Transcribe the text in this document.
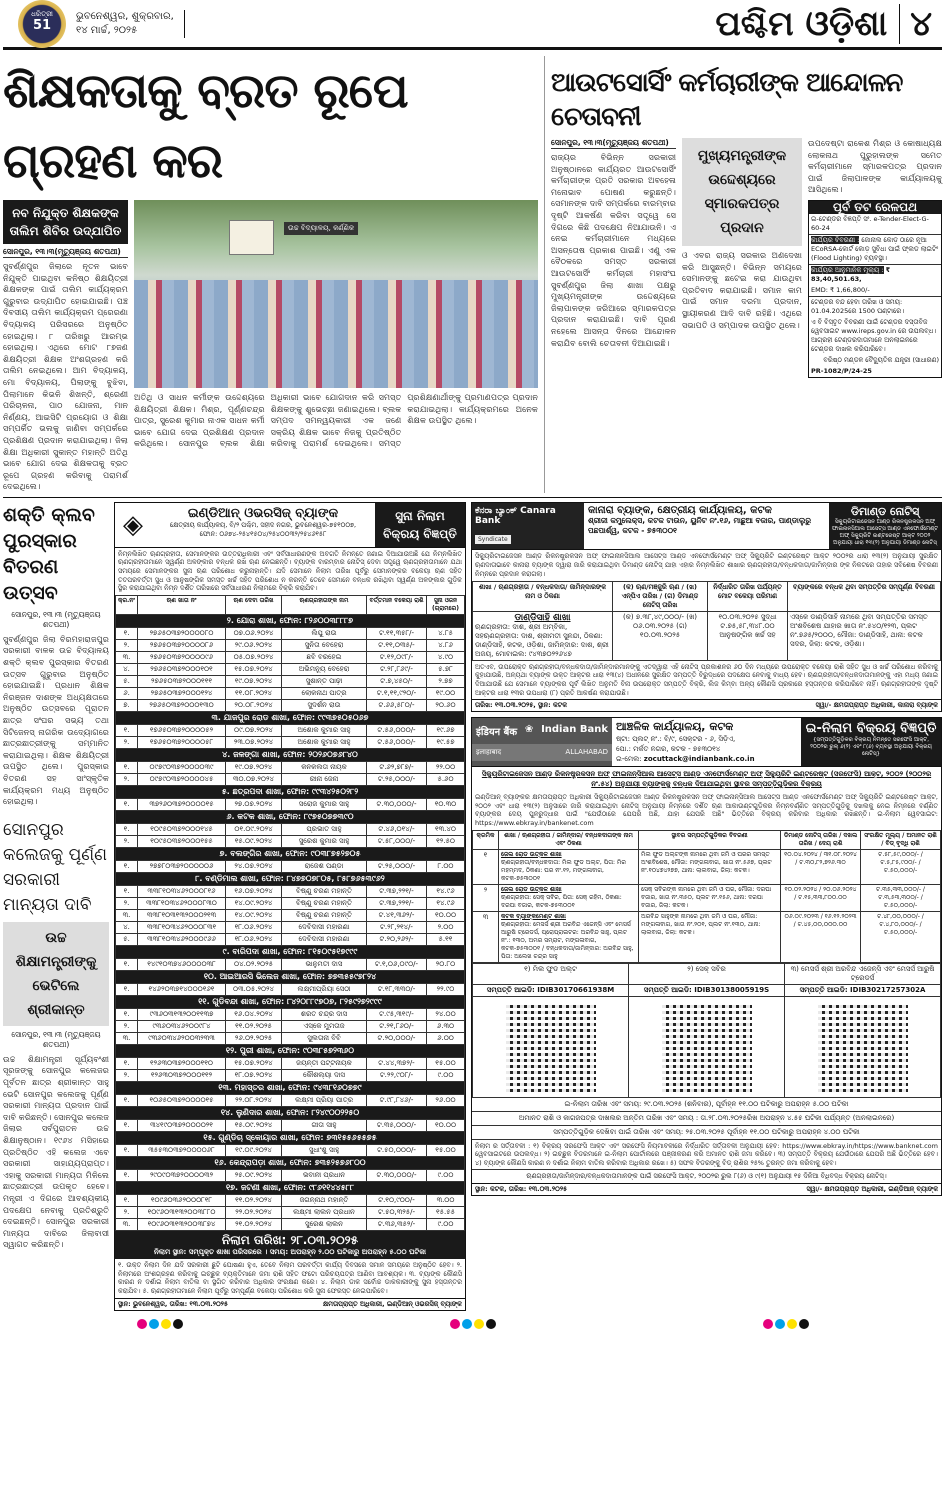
ଧରିତ୍ରୀ
51
ଭୁବନେଶ୍ୱର, ଶୁକ୍ରବାର,
୧୪ ମାର୍ଚ୍ଚ, ୨୦୨୫	ପଶ୍ଚିମ ଓଡ଼ିଶା ୪
ଶିକ୍ଷକତାକୁ ବ୍ରତ ରୂପେ ଗ୍ରହଣ କର
ନବ ନିଯୁକ୍ତ ଶିକ୍ଷକଙ୍କ ତାଲିମ ଶିବିର ଉଦ୍‌ଯାପିତ
ସୋନପୁର, ୧୩।୩(ମୃତ୍ୟୁଞ୍ଜୟ ଶତପଥୀ)
ସୁବର୍ଣ୍ଣପୁର ଜିଲାରେ ନୂତନ ଭାବେ ନିଯୁକ୍ତି ପାଇଥିବା କନିଷ୍ଠ ଶିକ୍ଷୟିତ୍ରୀ ଶିକ୍ଷକଙ୍କ ପାଇଁ ତାଲିମ କାର୍ଯ୍ୟକ୍ରମ ଗୁରୁବାର ଉଦ୍‌ଯାପିତ ହୋଇଯାଇଛି। ପଞ୍ଚ ଦିବସୀୟ ତାଲିମ କାର୍ଯ୍ୟକ୍ରମ ପ୍ରେରଣା ବିଦ୍ୟାଳୟ ପରିସରରେ ଅନୁଷ୍ଠିତ ହୋଇଥିଲା। ୮ ତାରିଖରୁ ଆରମ୍ଭ ହୋଇଥିଲା। ଏଥିରେ ମୋଟ ୮୭ଜଣ ଶିକ୍ଷୟିତ୍ରୀ ଶିକ୍ଷକ ଅଂଶଗ୍ରହଣ କରି ତାଲିମ ନେଇଥିଲେ। ଆମ ବିଦ୍ୟାଳୟ, ମୋ ବିଦ୍ୟାଳୟ, ପିଲାଙ୍କୁ ବୁଝିବା, ପିଲାମାନେ କିଭଳି ଶିଖନ୍ତି, ଶ୍ରେଣୀ ପରିଚାଳନା, ପାଠ ଯୋଜନା, ମାନ ନିର୍ଣ୍ଣୟ, ଆଇସିଟି ପ୍ରୟୋଗ ଓ ଶିକ୍ଷା ସମ୍ପର୍କିତ ଭଲକୁ ଜାଣିବା ସମ୍ପର୍କରେ ପ୍ରଶିକ୍ଷଣ ପ୍ରଦାନ କରାଯାଇଥିଲା। ଜିଲା ଶିକ୍ଷା ଅଧିକାରୀ ସୁକାନ୍ତ ମହାନ୍ତି ଅତିଥି ଭାବେ ଯୋଗ ଦେଇ ଶିକ୍ଷକତାକୁ ବ୍ରତ ରୂପେ ଗ୍ରହଣ କରିବାକୁ ପରାମର୍ଶ ଦେଇଥିଲେ।
ଉଚ୍ଚ ବିଦ୍ୟାଳୟ, କର୍ଣ୍ଣିକ
ଅତିଥି ଓ ସାଧନ କର୍ମୀଙ୍କ ଉଦ୍ଦେଶ୍ୟରେ ଶିକ୍ଷୟିତ୍ରୀ ଶିକ୍ଷକ। ମିଶ୍ର, ପୂର୍ଣ୍ଣଚନ୍ଦ୍ର ପାତ୍ର, ସୁରେଶ କୁମାର ନାଏକ ସାଧନ କର୍ମୀ ଭାବେ ଯୋଗ ଦେଇ ପ୍ରଶିକ୍ଷଣ ପ୍ରଦାନ କରିଥିଲେ। ସୋନପୁର ବ୍ଲକ ଶିକ୍ଷା ଅଧିକାରୀ ଭାବେ ଯୋଗଦାନ କରି ସମସ୍ତ ଶିକ୍ଷକଙ୍କୁ ଶୁଭେଚ୍ଛା ଜଣାଇଥିଲେ। ବ୍ଲକ ସମ୍ପଦ ସମନ୍ୱୟକାରୀ ଏକ ଜଣେ ସକ୍ରିୟ ଶିକ୍ଷକ ଭାବେ ନିଜକୁ ପ୍ରତିଷ୍ଠିତ କରିବାକୁ ପରାମର୍ଶ ଦେଇଥିଲେ। ସମସ୍ତ ପ୍ରଶିକ୍ଷଣାର୍ଥୀଙ୍କୁ ପ୍ରମାଣପତ୍ର ପ୍ରଦାନ କରାଯାଇଥିଲା। କାର୍ଯ୍ୟକ୍ରମରେ ଅନେକ ଶିକ୍ଷକ ଉପସ୍ଥିତ ଥିଲେ।
ଆଉଟସୋର୍ସିଂ କର୍ମଚାରୀଙ୍କ ଆନ୍ଦୋଳନ ଚେତାବନୀ
ସୋନପୁର, ୧୩।୩(ମୃତ୍ୟୁଞ୍ଜୟ ଶତପଥୀ)
ରାଜ୍ୟର ବିଭିନ୍ନ ସରକାରୀ ଅନୁଷ୍ଠାନରେ କାର୍ଯ୍ୟରତ ଆଉଟସୋର୍ସିଂ କର୍ମଚାରୀଙ୍କ ପ୍ରତି ସରକାର ଅବହେଳା ମନୋଭାବ ପୋଷଣ କରୁଛନ୍ତି। ସେମାନଙ୍କ ଦାବି ସମ୍ପର୍କରେ ବାରମ୍ବାର ଦୃଷ୍ଟି ଆକର୍ଷଣ କରିବା ସତ୍ତ୍ୱେ ସେ ଦିଗରେ କିଛି ପଦକ୍ଷେପ ନିଆଯାଉନି। ଏ ନେଇ କର୍ମଚାରୀମାନେ ମଧ୍ୟରେ ଅସନ୍ତୋଷ ପ୍ରକାଶ ପାଇଛି। ଏଣୁ ଏକ ବୈଠକରେ ସମସ୍ତ ସରକାରୀ ଆଉଟସୋର୍ସିଂ କର୍ମଚାରୀ ମହାସଂଘ ସୁବର୍ଣ୍ଣପୁର ଜିଲା ଶାଖା ପକ୍ଷରୁ ମୁଖ୍ୟମନ୍ତ୍ରୀଙ୍କ ଉଦ୍ଦେଶ୍ୟରେ ଜିଲାପାଳଙ୍କ ଜରିଆରେ ସ୍ମାରକପତ୍ର ପ୍ରଦାନ କରାଯାଇଛି। ଦାବି ପୂରଣ ନହେଲେ ଆସନ୍ତା ଦିନରେ ଆନ୍ଦୋଳନ କରାଯିବ ବୋଲି ଚେତାବନୀ ଦିଆଯାଇଛି।
ମୁଖ୍ୟମନ୍ତ୍ରୀଙ୍କ ଉଦ୍ଦେଶ୍ୟରେ ସ୍ମାରକପତ୍ର ପ୍ରଦାନ
ଓ ଏବର ରାଜ୍ୟ ସରକାର ଅଣଦେଖା କରି ଆସୁଛନ୍ତି। ବିଭିନ୍ନ ସମୟରେ ସେମାନଙ୍କୁ ଛଟେଇ କରା ଯାଉଥିବା ପ୍ରତିବାଦ କରାଯାଇଛି। ସମାନ କାମ ପାଇଁ ସମାନ ଦରମା ପ୍ରଦାନ, ସ୍ଥାୟୀକରଣ ଆଦି ଦାବି ରହିଛି। ଏଥିରେ ସଭାପତି ଓ ସମ୍ପାଦକ ଉପସ୍ଥିତ ଥିଲେ।
ଉପଦେଷ୍ଟା ରାକେଶ ମିଶ୍ର ଓ କୋଷାଧ୍ୟକ୍ଷ ଲୋକନାଥ ପୁରୁହାଲଙ୍କ ସମେତ କର୍ମଚାରୀମାନେ ସ୍ମାରକପତ୍ର ପ୍ରଦାନ ପାଇଁ ଜିଲାପାଳଙ୍କ କାର୍ଯ୍ୟାଳୟକୁ ଆସିଥିଲେ।
ପୂର୍ବ ତଟ ରେଳପଥ
ଇ-ଟେଣ୍ଡର ବିଜ୍ଞପ୍ତି ସଂ. e-Tender-Elect-G-60-24
କାର୍ଯ୍ୟର ବିବରଣୀ : ଜୋନାଲ କୋଡ଼ ଠାରେ ନୂଆ ECoRSA-କୋର୍ଟ କୋଡ଼ ସୁବିଧା ପାଇଁ ଫ୍ଲଡ ଲାଇଟିଂ (Flood Lighting) ବ୍ୟବସ୍ଥା।
କାର୍ଯ୍ୟର ଆନୁମାନିକ ମୂଲ୍ୟ : ₹ 83,40,501.63,
EMD: ₹ 1,66,800/-
ଟେଣ୍ଡର ବନ୍ଦ ହେବା ତାରିଖ ଓ ସମୟ: 01.04.2025ରେ 1500 ଘଣ୍ଟାରେ।
ଏ ବି ବିସ୍ତୃତ ବିବରଣୀ ପାଇଁ ଟେଣ୍ଡର ଦସ୍ତାବିଜ ୱେବସାଇଟ www.ireps.gov.in ରେ ଉପଲବ୍ଧ। ଆଗ୍ରହୀ ଟେଣ୍ଡରଦାତାମାନେ ଅନଲାଇନରେ ଟେଣ୍ଡର ଦାଖଲ କରିପାରିବେ।
ବରିଷ୍ଠ ମଣ୍ଡଳ ବୈଦ୍ୟୁତିକ ଯନ୍ତ୍ରୀ (ସାଧାରଣ)
PR-1082/P/24-25
ଶକ୍ତି କ୍ଲବ ପୁରସ୍କାର ବିତରଣ ଉତ୍ସବ
ସୋନପୁର, ୧୩।୩ (ମୃତ୍ୟୁଞ୍ଜୟ ଶତପଥୀ)
ସୁବର୍ଣ୍ଣପୁର ଜିଲା ବିରମହାରାଜପୁର ସରକାରୀ ବାଳକ ଉଚ୍ଚ ବିଦ୍ୟାଳୟ ଶକ୍ତି କ୍ଲବ ପୁରସ୍କାର ବିତରଣ ଉତ୍ସବ ଗୁରୁବାର ଅନୁଷ୍ଠିତ ହୋଇଯାଇଛି। ପ୍ରଧାନ ଶିକ୍ଷକ ନିରଞ୍ଜନ ଦାଶଙ୍କ ଅଧ୍ୟକ୍ଷତାରେ ଅନୁଷ୍ଠିତ ଉତ୍ସବରେ ପୂରାତନ ଛାତ୍ର ସଂଘର ସଭ୍ୟ ତଥା ସିଟିଜେନସ୍ ନାଗରିକ ଉଦ୍ୟୋଗରେ ଛାତ୍ରଛାତ୍ରୀଙ୍କୁ ସମ୍ମାନିତ କରାଯାଇଥିଲା। ଶିକ୍ଷକ ଶିକ୍ଷୟିତ୍ରୀ ଉପସ୍ଥିତ ଥିଲେ। ପୁରସ୍କାର ବିତରଣ ସହ ସାଂସ୍କୃତିକ କାର୍ଯ୍ୟକ୍ରମ ମଧ୍ୟ ଅନୁଷ୍ଠିତ ହୋଇଥିଲା।
ସୋନପୁର କଲେଜକୁ ପୂର୍ଣ୍ଣ ସରକାରୀ ମାନ୍ୟତା ଦାବି
ଉଚ୍ଚ ଶିକ୍ଷାମନ୍ତ୍ରୀଙ୍କୁ ଭେଟିଲେ ଶ୍ରୀକାନ୍ତ
ସୋନପୁର, ୧୩।୩ (ମୃତ୍ୟୁଞ୍ଜୟ ଶତପଥୀ)
ଉଚ୍ଚ ଶିକ୍ଷାମନ୍ତ୍ରୀ ସୂର୍ଯ୍ୟବଂଶୀ ସୂରଜଙ୍କୁ ସୋନପୁର କଲେଜର ପୂର୍ବତନ ଛାତ୍ର ଶ୍ରୀକାନ୍ତ ସାହୁ ଭେଟି ସୋନପୁର କଲେଜକୁ ପୂର୍ଣ୍ଣ ସରକାରୀ ମାନ୍ୟତା ପ୍ରଦାନ ପାଇଁ ଦାବି କରିଛନ୍ତି। ସୋନପୁର କଲେଜ ଜିଲାର ସର୍ବପୁରାତନ ଉଚ୍ଚ ଶିକ୍ଷାନୁଷ୍ଠାନ। ୧୯୬୪ ମସିହାରେ ପ୍ରତିଷ୍ଠିତ ଏହି କଲେଜ ଏବେ ସରକାରୀ ସାହାଯ୍ୟପ୍ରାପ୍ତ। ଏହାକୁ ସରକାରୀ ମାନ୍ୟତା ମିଳିଲେ ଛାତ୍ରଛାତ୍ରୀ ଉପକୃତ ହେବେ। ମନ୍ତ୍ରୀ ଏ ଦିଗରେ ଆବଶ୍ୟକୀୟ ପଦକ୍ଷେପ ନେବାକୁ ପ୍ରତିଶ୍ରୁତି ଦେଇଛନ୍ତି। ସୋନପୁର ସରକାରୀ ମାନ୍ୟତା ଦାବିରେ ଜିଲାବାସୀ ସ୍ୱାଗତ କରିଛନ୍ତି।
◈	ଇଣ୍ଡିଆନ୍ ଓଭରସିଜ୍ ବ୍ୟାଙ୍କ
କ୍ଷେତ୍ରୀୟ କାର୍ଯ୍ୟାଳୟ, ବି/୨ ପଶ୍ଚିମ, ସହୀଦ ନଗର, ଭୁବନେଶ୍ୱର-୭୫୧୦୦୭,
ଫୋନ: ୦୬୭୪-୨୫୪୧୫୦୪/୨୫୪୦୦୩୨/୨୫୪୬୧୫୮
ସୁନା ନିଲାମ ବିକ୍ରୟ ବିଜ୍ଞପ୍ତି
ନିମ୍ନଲିଖିତ ଋଣଗ୍ରହୀତା, ସେମାନଙ୍କର ଉତ୍ତରାଧିକାରୀ ଏବଂ ସର୍ବସାଧାରଣଙ୍କ ଅବଗତି ନିମନ୍ତେ ଜଣାଇ ଦିଆଯାଉଅଛି ଯେ ନିମ୍ନଲିଖିତ ଋଣଗ୍ରହୀତାମାନେ ସ୍ୱର୍ଣ୍ଣ ଅଳଙ୍କାର ବନ୍ଧକ ରଖି ଋଣ ନେଇଛନ୍ତି। ବ୍ୟାଙ୍କ ବାରମ୍ବାର ନୋଟିସ୍ ଦେବା ସତ୍ତ୍ୱେ ଋଣଗ୍ରହୀତାମାନେ ଯଥା ସମୟରେ ସେମାନଙ୍କର ସୁନା ଋଣ ପରିଶୋଧ କରୁନାହାନ୍ତି। ଯଦି ସେମାନେ ନିଲାମ ତାରିଖ ପୂର୍ବରୁ ସେମାନଙ୍କର ବକେୟା ଋଣ ସହିତ ତତପରବର୍ତ୍ତୀ ସୁଧ ଓ ଆନୁଷଙ୍ଗିକ ସମସ୍ତ ଖର୍ଚ୍ଚ ସହିତ ପରିଶୋଧ ନ କରନ୍ତି ତେବେ ସେମାନେ ବନ୍ଧକ ରଖିଥିବା ସ୍ୱର୍ଣ୍ଣ ଅଳଙ୍କାର ଗୁଡ଼ିକ ସ୍ଥିର କରାଯାଇଥିବା ନିମ୍ନ ଦର୍ଶିତ ତାରିଖରେ ସର୍ବସାଧାରଣ ନିଲାମରେ ବିକ୍ରି କରାଯିବ।
କ୍ର.ନଂ	ଋଣ ଖାତା ନଂ	ଋଣ ଦେବା ତାରିଖ	ଋଣଗ୍ରହୀତାଙ୍କ ନାମ	ବର୍ତ୍ତମାନ ବକେୟା ରାଶି	ସୁନା ଓଜନ (ଗ୍ରାମରେ)
୨. ଯୋରା ଶାଖା, ଫୋନ: ୮୨୬୦୦୩୮୮୮୭					
୧.	୨୭୬୫୦୩୭୨୦୦୦୦୮୦	୦୭.୦୬.୨୦୨୪	ଲିପୁ ରାଉ	ଟ.୧୧,୩୫୮/-	୪.୮୫
୨.	୨୭୬୫୦୩୭୨୦୦୦୦୮୬	୨୯.୦୬.୨୦୨୪	ସୁନିତା ବେହେରା	ଟ.୧୧,୦୩୫/-	୪.୮୬
୩.	୨୭୬୫୦୩୭୨୦୦୦୦୯୬	୦୫.୦୭.୨୦୨୪	ଛବି ବରହେଇ	ଟ.୧୨,୦୯୮/-	୪.୯୦
୪.	୨୭୬୫୦୩୭୨୦୦୦୧୦୧	୧୫.୦୭.୨୦୨୪	ଅଭିମନ୍ୟୁ ବେହେରା	ଟ.୨୮,୮୬୯/-	୫.୭୮
୫.	୨୭୬୫୦୩୭୨୦୦୦୧୧୧	୧୯.୦୭.୨୦୨୪	ସୁଶାନ୍ତ ପାଢ଼ୀ	ଟ.୭,୪୫୦/-	୨.୭୭
୬.	୨୭୬୫୦୩୭୨୦୦୦୧୨୪	୧୧.୦୮.୨୦୨୪	ଲୋକନାଥ ପାତ୍ର	ଟ.୧,୧୧,୯୨୦/-	୧୯.୦୦
୭.	୨୭୬୫୦୩୭୨୦୦୦୧୩୦	୨୦.୦୮.୨୦୨୪	ସୁଦର୍ଶନ ରାଉ	ଟ.୬୬,୫୮୦/-	୨୦.୬୦
୩. ଯାଜପୁର ରୋଡ ଶାଖା, ଫୋନ: ୯୯୩୭୫୦୫୦୬୭					
୧.	୧୭୬୫୦୩୭୨୦୦୦୦୫୨	୦୯.୦୭.୨୦୨୪	ଅଶୋକ କୁମାର ସାହୁ	ଟ.୫୬,୦୦୦/-	୧୯.୬୭
୨.	୧୭୬୫୦୩୭୨୦୦୦୦୫୮	୨୩.୦୭.୨୦୨୪	ଅଶୋକ କୁମାର ସାହୁ	ଟ.୫୬,୦୦୦/-	୧୯.୫୭
୪. ଜଳଙ୍ଗା ଶାଖା, ଫୋନ: ୨୦୨୬୦୭୬୮୪୦					
୧.	୦୯୭୯୦୩୭୨୦୦୦୦୩୯	୧୯.୦୭.୨୦୨୪	କନକଲତା ନାୟକ	ଟ.୬୨,୭୮୭/-	୨୨.୦୦
୨.	୦୯୭୯୦୩୭୨୦୦୦୦୪୫	୩୦.୦୭.୨୦୨୪	ରୀନା ଜେନା	ଟ.୨୫,୦୦୦/-	୫.୬୦
୫. ଛତ୍ରପଦା ଶାଖା, ଫୋନ: ୯୯୩୪୨୫୦୨୮୨					
୧.	୩୭୨୬୦୩୭୨୦୦୦୦୧୫	୨୭.୦୭.୨୦୨୪	ସରୋଜ କୁମାର ସାହୁ	ଟ.୩୦,୦୦୦/-	୧୦.୩୦
୬. କଟକ ଶାଖା, ଫୋନ: ୮୯୭୫୦୭୭୩୯୦					
୧.	୧୦୯୫୦୩୭୨୦୦୦୧୪୫	୦୧.୦୯.୨୦୨୪	ପ୍ରଭାତ ସାହୁ	ଟ.୪୬,୦୧୪/-	୧୩.୪୦
୨.	୧୦୯୫୦୩୭୨୦୦୦୧୫୫	୧୫.୦୯.୨୦୨୪	ସୁରେଶ କୁମାର ସାହୁ	ଟ.୫୮,୦୦୦/-	୧୨.୫୦
୭. ବଲଙ୍ଗିର ଶାଖା, ଫୋନ: ୯୦୩୮୭୫୨୭୦୫					
୧.	୨୭୭୮୦୩୭୨୦୦୦୦୦୬	୨୪.୦୭.୨୦୨୪	ରାଜେଶ ପଣ୍ଡା	ଟ.୨୫,୦୦୦/-	୮.୦୦
୮. ବଣ୍ଡିମାଲ ଶାଖା, ଫୋନ: ୮୪୭୭୦୭୮୦୫, ୮୫୮୭୬୫୩୯୬୨					
୧.	୩୩୮୧୦୩୪୬୨୦୦୦୮୧୬	୧୬.୦୭.୨୦୨୪	ବିଷ୍ଣୁ ଚରଣ ମହାନ୍ତି	ଟ.୩୭,୨୨୧/-	୧୪.୯୬
୨.	୩୩୮୧୦୩୪୬୨୦୦୦୮୩୦	୧୪.୦୯.୨୦୨୪	ବିଷ୍ଣୁ ଚରଣ ମହାନ୍ତି	ଟ.୩୭,୨୨୧/-	୧୪.୯୬
୩.	୩୩୮୧୦୩୧୩୨୦୦୦୨୧୩	୧୪.୦୯.୨୦୨୪	ବିଷ୍ଣୁ ଚରଣ ମହାନ୍ତି	ଟ.୪୧,୩୬୨/-	୧୦.୦୦
୪.	୩୩୮୧୦୩୪୬୨୦୦୦୮୩୧	୧୮.୦୬.୨୦୨୪	ଦେବିଦାସୀ ମହାରଣା	ଟ.୨୮,୨୧୪/-	୨.୦୦
୫.	୩୩୮୧୦୩୪୬୨୦୦୦୯୬୬	୧୮.୦୬.୨୦୨୪	ଦେବିଦାସୀ ମହାରଣା	ଟ.୨୦,୨୬୨/-	୫.୧୧
୯. ବାରିପଦା ଶାଖା, ଫୋନ: ୮୧୫୦୯୫୧୭୯୯୯					
୧.	୧୪୯୧୦୩୭୪୬୦୦୦୦୩୮	୦୪.୦୨.୨୦୨୫	ଭାନୁମତୀ ଦାସ	ଟ.୧,୦୬,୦୯୦/-	୨୦.୮୦
୧୦. ଆଇଆରସି ଭିଲେଜ ଶାଖା, ଫୋନ: ୭୭୩୫୫୯୭୮୨୪					
୧.	୧୪୬୨୦୩୭୧୪୦୦୦୧୬୧	୦୩.୦୫.୨୦୨୪	ଲକ୍ଷ୍ମୀପ୍ରିୟା ସେଠୀ	ଟ.୧୮,୩୩୦/-	୨୨.୯୦
୧୧. ଗୁଡିବନ୍ଦା ଶାଖା, ଫୋନ: ୮୪୨୦୮୮୯୭୦୭, ୮୨୫୯୨୭୨୯୯୯					
୧.	୯୩୬୦୩୧୩୨୦୦୧୧୩୭	୧୬.୦୪.୨୦୨୪	ଶରତ ଚନ୍ଦ୍ର ଦାସ	ଟ.୯୫,୩୧୯/-	୨୪.୦୦
୨.	୯୩୬୦୩୪୬୨୦୦୯୮୪	୧୧.୦୨.୨୦୨୫	ଏସ୍‌କେ ମୁମତାଜ	ଟ.୨୧,୮୬୦/-	୬.୩୦
୩.	୯୩୬୦୩୪୬୨୦୦୩୨୩୩	୨୬.୦୨.୨୦୨୫	ସୁଲତାନା ବିବି	ଟ.୨୦,୦୦୦/-	୬.୦୦
୧୨. ପୁରୀ ଶାଖା, ଫୋନ: ୯୦୩୮୫୭୨୩୬୦					
୧.	୧୨୬୩୦୩୭୨୦୦୦୧୧୦	୧୫.୦୭.୨୦୨୪	ଜୟନ୍ତୀ ପଟ୍ଟନାୟକ	ଟ.୪୪,୩୭୨/-	୧୫.୦୦
୨.	୧୨୬୩୦୩୭୨୦୦୦୧୧୨	୧୮.୦୭.୨୦୨୪	କୌଶଲ୍ୟା ଦାସ	ଟ.୨୨,୯୦୮/-	୯.୦୦
୧୩. ମହାସ୍ତର ଶାଖା, ଫୋନ: ୯୪୩୮୧୬୦୭୭୯					
୧.	୧୦୬୫୦୩୭୨୦୦୦୦୧୫	୨୨.୦୮.୨୦୨୪	ଲକ୍ଷ୍ମୀ ପ୍ରିୟା ପାତ୍ର	ଟ.୯୮,୮୪୬/-	୨୬.୦୦
୧୪. ଲୁଣିଦାର ଶାଖା, ଫୋନ: ୮୨୪୯୦୦୨୨୫୦					
୧.	୩୪୧୯୦୩୭୨୦୦୦୦୨୧	୧୫.୦୯.୨୦୨୪	ଗୀତା ସାହୁ	ଟ.୩୫,୦୦୦/-	୧୦.୦୦
୧୫. ଗୁଣ୍ଡିଚା ସ୍କୋୟାର ଶାଖା, ଫୋନ: ୭୩୧୫୫୬୫୫୭୫					
୧.	୩୫୫୩୦୩୭୨୦୦୦୦୬୮	୧୯.୦୯.୨୦୨୪	ସୁଧାଂଶୁ ସାହୁ	ଟ.୫୦,୦୦୦/-	୧୫.୦୦
୧୬. କେନ୍ଦ୍ରାପଡ଼ା ଶାଖା, ଫୋନ: ୭୩୫୨୫୭୬୮୦୦					
୧.	୨୯୦୯୦୩୭୨୦୦୦୦୩୨	୨୫.୦୯.୨୦୨୪	ଭବାନୀ ପ୍ରଧାନ	ଟ.୩୦,୦୦୦/-	୯.୦୦
୧୭. ଜଟଣୀ ଶାଖା, ଫୋନ: ୯୮୬୧୧୪୪୫୮୮					
୧.	୧୦୯୬୦୩୬୨୦୦୦୮୧୮	୧୧.୦୨.୨୦୨୪	ଜଗନ୍ନାଥ ମହାନ୍ତି	ଟ.୧୦,୯୦୦/-	୩.୦୦
୨.	୧୦୯୬୦୩୧୩୨୦୦୩୮୮୦	୨୨.୦୨.୨୦୨୪	ଲକ୍ଷ୍ମୀ ଲାଲନ ପ୍ରଧାନ	ଟ.୫୦,୩୨୫/-	୧୫.୫୫
୩.	୧୦୯୬୦୩୧୩୨୦୦୩୮୭୪	୨୧.୦୨.୨୦୨୪	ସୁରେଶ ଲାଲନ	ଟ.୩୬,୩୫୨/-	୯.୦୦
ନିଲାମ ତାରିଖ: ୨୮.୦୩.୨୦୨୫
ନିଲାମ ସ୍ଥାନ: ସମ୍ପୃକ୍ତ ଶାଖା ପରିସରରେ । ସମୟ: ଅପରାହ୍ନ ୨.୦୦ ଘଟିକାରୁ ଅପରାହ୍ନ ୫.୦୦ ଘଟିକା
୧. ଉକ୍ତ ନିଲାମ ଦିନ ଯଦି ସରକାରୀ ଛୁଟି ଘୋଷଣା ହୁଏ, ତେବେ ନିଲାମ ପରବର୍ତ୍ତୀ କାର୍ଯ୍ୟ ଦିବସରେ ସମାନ ସମୟରେ ଅନୁଷ୍ଠିତ ହେବ। ୨. ନିଲାମରେ ଅଂଶଗ୍ରହଣ କରିବାକୁ ଇଚ୍ଛୁକ ବ୍ୟକ୍ତିମାନେ ଜମା ରାଶି ସହିତ ଫଟୋ ପରିଚୟପତ୍ର ଆଣିବା ଆବଶ୍ୟକ। ୩. ବ୍ୟାଙ୍କ କୌଣସି କାରଣ ନ ଦର୍ଶାଇ ନିଲାମ ବାତିଲ ବା ସ୍ଥଗିତ କରିବାର ଅଧିକାର ସଂରକ୍ଷଣ କରେ। ୪. ନିଲାମ ଡାକ ସର୍ବୋଚ୍ଚ ଡାକକାରୀଙ୍କୁ ସୁନା ହସ୍ତାନ୍ତର କରାଯିବ। ୫. ଋଣଗ୍ରହୀତାମାନେ ନିଲାମ ପୂର୍ବରୁ ସମ୍ପୂର୍ଣ୍ଣ ବକେୟା ପରିଶୋଧ କରି ସୁନା ଫେରସ୍ତ ନେଇପାରିବେ।
ସ୍ଥାନ: ଭୁବନେଶ୍ୱର, ତାରିଖ: ୧୩.୦୩.୨୦୨୫	କ୍ଷମତାପ୍ରାପ୍ତ ଅଧିକାରୀ, ଇଣ୍ଡିଆନ୍ ଓଭରସିଜ୍ ବ୍ୟାଙ୍କ
ಕೆನರಾ ಬ್ಯಾಂಕ್ Canara Bank
Syndicate
କାନାରା ବ୍ୟାଙ୍କ, କ୍ଷେତ୍ରୀୟ କାର୍ଯ୍ୟାଳୟ, କଟକ
ଶ୍ରୀଜୀ କମ୍ପ୍ଲେକ୍ସ, କଟକ ଟାଉନ, ୟୁନିଟ ନଂ.୧୬, ମାଛୁଆ ବଜାର, ପାଣ୍ଡାଲୁରୁ ପଛପାର୍ଶ୍ୱ, କଟକ - ୭୫୩୦୦୧
ଡିମାଣ୍ଡ ନୋଟିସ୍
ସିକ୍ୟୁରିଟାଇଜେସନ ଆଣ୍ଡ ରିକନଷ୍ଟ୍ରକସନ ଅଫ୍ ଫାଇନାନସିଆଲ ଆସେଟ୍ସ ଆଣ୍ଡ ଏନଫୋର୍ସମେଣ୍ଟ ଅଫ୍ ସିକ୍ୟୁରିଟି ଇଣ୍ଟରେଷ୍ଟ ଆକ୍ଟ ୨୦୦୨ ଅନୁଯାୟୀ ଧାରା ୧୩(୨) ଅନୁଯାୟୀ ଡିମାଣ୍ଡ ନୋଟିସ୍
ସିକ୍ୟୁରିଟାଇଜେସନ ଆଣ୍ଡ ରିକନଷ୍ଟ୍ରକସନ ଅଫ୍ ଫାଇନାନସିଆଲ ଆସେଟ୍ସ ଆଣ୍ଡ ଏନଫୋର୍ସମେଣ୍ଟ ଅଫ୍ ସିକ୍ୟୁରିଟି ଇଣ୍ଟରେଷ୍ଟ ଆକ୍ଟ ୨୦୦୨ର ଧାରା ୧୩(୨) ଅନୁଯାୟୀ ସୁରକ୍ଷିତ ଋଣଦାତାଭାବେ କାନାରା ବ୍ୟାଙ୍କ ଦ୍ୱାରା ଜାରି କରାଯାଇଥିବା ଡିମାଣ୍ଡ ନୋଟିସ୍ ଯାହା ଏହାର ନିମ୍ନଲିଖିତ ଶାଖାର ଋଣଗ୍ରହୀତା/ବନ୍ଧକଦାତା/ଜାମିନ୍‌ଦାର ଙ୍କ ନିକଟରେ ତାହାର ସବିଶେଷ ବିବରଣୀ ନିମ୍ନରେ ପ୍ରଦାନ କରାଗଲା।
ଶାଖା / ଋଣଗ୍ରହୀତା / ବନ୍ଧକଦାତା/ ଜାମିନ୍‌ଦାରଙ୍କ ନାମ ଓ ଠିକଣା	(କ) ଋଣ/ମଞ୍ଜୁରି ଋଣ / (ଖ) ଏନ୍‌ପିଏ ତାରିଖ / (ଗ) ଡିମାଣ୍ଡ ନୋଟିସ୍ ତାରିଖ	ନିର୍ଦ୍ଧାରିତ ତାରିଖ ପର୍ଯ୍ୟନ୍ତ ମୋଟ ବକେୟା ପରିମାଣ	ବ୍ୟାଙ୍କରେ ବନ୍ଧକ ଥିବା ସମ୍ପତ୍ତିର ସମ୍ପୂର୍ଣ୍ଣ ବିବରଣୀ

ଡାଣ୍ଡିସାହି ଶାଖା
ଋଣଗ୍ରହୀତା: ଦାଶ, ଶ୍ରୀ ଅମ୍ବିକା, ସହଋଣଗ୍ରହୀତା: ଦାଶ, ଶ୍ରୀମତୀ ସୁନନ୍ଦା, ଠିକଣା: ଡାଣ୍ଡିସାହି, କଟକ, ଓଡ଼ିଶା, ଜାମିନ୍‌ଦାର: ଦାଶ, ଶ୍ରୀ ଅଜୟ, ମୋବାଇଲ: ୯୪୩୭୦୨୨୬୪୭	(କ) ୭.୩୮,୪୯,୦୦୦/- (ଖ) ୦୬.୦୩.୨୦୨୫ (ଗ) ୧୦.୦୩.୨୦୨୫	୧୦.୦୩.୨୦୨୫ ସୁଦ୍ଧା ଟ.୭୫,୫୮,୩୪୮.୦୦ ଆନୁଷଙ୍ଗିକ ଖର୍ଚ୍ଚ ସହ	ଏସ୍‌କେ ଡାଣ୍ଡିସାହି ନାମରେ ଥିବା ସମ୍ପତ୍ତିର ସମସ୍ତ ଅଂଶବିଶେଷ ଯାହାର ଖାତା ନଂ.୫୪୦/୧୨୩, ପ୍ଲଟ ନଂ.୭୬୫/୨୦୦୦, ମୌଜା: ଡାଣ୍ଡିସାହି, ଥାନା: କଟକ ସଦର, ଜିଲା: କଟକ, ଓଡ଼ିଶା।
ଅତଏବ, ଉପରୋକ୍ତ ଋଣଗ୍ରହୀତା/ବନ୍ଧକଦାତା/ଜାମିନ୍‌ଦାରମାନଙ୍କୁ ଏତଦ୍ୱାରା ଏହି ନୋଟିସ୍ ପ୍ରକାଶନର ୬୦ ଦିନ ମଧ୍ୟରେ ଉପରୋକ୍ତ ବକେୟା ରାଶି ସହିତ ସୁଧ ଓ ଖର୍ଚ୍ଚ ପରିଶୋଧ କରିବାକୁ କୁହାଯାଉଛି, ଅନ୍ୟଥା ବ୍ୟାଙ୍କ ଉକ୍ତ ଆକ୍ଟର ଧାରା ୧୩(୪) ଅଧୀନରେ ସୁରକ୍ଷିତ ସମ୍ପତ୍ତି ବିରୁଦ୍ଧରେ ପଦକ୍ଷେପ ନେବାକୁ ବାଧ୍ୟ ହେବ। ଋଣଗ୍ରହୀତା/ବନ୍ଧକଦାତାମାନଙ୍କୁ ଏହା ମଧ୍ୟ ଜଣାଇ ଦିଆଯାଉଛି ଯେ ସେମାନେ ବ୍ୟାଙ୍କର ପୂର୍ବ ଲିଖିତ ଅନୁମତି ବିନା ଉପରୋକ୍ତ ସମ୍ପତ୍ତି ବିକ୍ରି, ଲିଜ କିମ୍ବା ଅନ୍ୟ କୌଣସି ପ୍ରକାରେ ହସ୍ତାନ୍ତର କରିପାରିବେ ନାହିଁ। ଋଣଗ୍ରହୀତାଙ୍କ ଦୃଷ୍ଟି ଆକ୍ଟର ଧାରା ୧୩ର ଉପଧାରା (୮) ପ୍ରତି ଆକର୍ଷଣ କରାଯାଉଛି।
ତାରିଖ: ୧୩.୦୩.୨୦୨୫, ସ୍ଥାନ: କଟକ	ସ୍ୱା/- କ୍ଷମତାପ୍ରାପ୍ତ ଅଧିକାରୀ, କାନାରା ବ୍ୟାଙ୍କ
इंडियन बैंक ❀ Indian Bank
इलाहाबाद	ALLAHABAD
ଆଞ୍ଚଳିକ କାର୍ଯ୍ୟାଳୟ, କଟକ
ଷ୍ଟା: ପ୍ଲଟ୍ ନଂ.: ବି/୯, ସେକ୍ଟର - ୬, ସିଡ଼ିଏ,
ପୋ.: ମର୍କତ ନଗର, କଟକ - ୭୫୩୦୧୪
ଇ-ମେଲ: zocuttack@indianbank.co.in
ଇ-ନିଲାମ ବିକ୍ରୟ ବିଜ୍ଞପ୍ତି
{ସମ୍ପତ୍ତିଗୁଡ଼ିକର ବିକ୍ରୟ ନିମନ୍ତେ ସରଫେସି ଆକ୍ଟ, ୨୦୦୨ର ରୁଲ୍ ୬(୨) ଏବଂ ୮(୬) ବ୍ୟବସ୍ଥା ଅନୁଯାୟୀ ବିକ୍ରୟ ନୋଟିସ୍}
ସିକ୍ୟୁରିଟାଇଜେସନ ଆଣ୍ଡ ରିକନଷ୍ଟ୍ରକସନ ଅଫ୍ ଫାଇନାନ୍ସିଆଲ ଆସେଟ୍ସ ଆଣ୍ଡ ଏନଫୋର୍ସମେଣ୍ଟ ଅଫ୍ ସିକ୍ୟୁରିଟି ଇଣ୍ଟରେଷ୍ଟ (ସରଫେସି) ଆକ୍ଟ, ୨୦୦୨ (୨୦୦୨ର ନଂ.୫୪) ଅନୁଯାୟୀ ବ୍ୟାଙ୍କକୁ ବନ୍ଧକ ଦିଆଯାଇଥିବା ସ୍ଥାବର ସମ୍ପତ୍ତିଗୁଡ଼ିକର ବିକ୍ରୟ
ଇଣ୍ଡିଆନ୍ ବ୍ୟାଙ୍କର କ୍ଷମତାପ୍ରାପ୍ତ ଅଧିକାରୀ ସିକ୍ୟୁରିଟାଇଜେସନ ଆଣ୍ଡ ରିକନଷ୍ଟ୍ରକସନ ଅଫ୍ ଫାଇନାନ୍ସିଆଲ ଆସେଟ୍ସ ଆଣ୍ଡ ଏନଫୋର୍ସମେଣ୍ଟ ଅଫ୍ ସିକ୍ୟୁରିଟି ଇଣ୍ଟରେଷ୍ଟ ଆକ୍ଟ, ୨୦୦୨ ଏବଂ ଧାରା ୧୩(୨) ଅନୁସାରେ ଜାରି କରାଯାଇଥିବା ନୋଟିସ୍ ଅନୁଯାୟୀ ନିମ୍ନରେ ଦର୍ଶିତ ଋଣ ଆକାଉଣ୍ଟଗୁଡ଼ିକର ନିମ୍ନବର୍ଣ୍ଣିତ ସମ୍ପତ୍ତିଗୁଡ଼ିକୁ ଦଖଲକୁ ନେଇ ନିମ୍ନରେ ବର୍ଣ୍ଣିତ ବ୍ୟାଙ୍କର ଦେୟ ପୁନରୁଦ୍ଧାର ପାଇଁ "ଯେଉଁଠାରେ ଯେପରି ଅଛି, ଯାହା ଯେପରି ଅଛି" ଭିତ୍ତିରେ ବିକ୍ରୟ କରିବାର ଅଧିକାର ରଖିଛନ୍ତି। ଇ-ନିଲାମ ୱେବସାଇଟ: https://www.ebkray.in/bankenet.com
କ୍ରମିକ	ଶାଖା / ଋଣଗ୍ରହୀତା / ଜାମିନ୍‌ଦାର/ ବନ୍ଧକଦାତାଙ୍କ ନାମ ଏବଂ ଠିକଣା	ସ୍ଥାବର ସମ୍ପତ୍ତିଗୁଡ଼ିକର ବିବରଣୀ	ଡିମାଣ୍ଡ ନୋଟିସ୍ ତାରିଖ / ଦଖଲ ତାରିଖ / ଦେୟ ରାଶି	ସଂରକ୍ଷିତ ମୂଲ୍ୟ / ଅମାନତ ରାଶି / ବିଡ୍ ବୃଦ୍ଧି ରାଶି
୧	ଜେଲ ରୋଡ ଉତ୍କଳ ଶାଖା
ଋଣଗ୍ରହୀତା/ବନ୍ଧକଦାତା: ମିଲ ଫୁଡ ଅଲ୍ଟ, ପିତା: ମିର ମହମ୍ମଦ, ଠିକଣା: ଘର ନଂ.୧୨, ମଙ୍ଗଳାବାଗ, କଟକ-୭୫୩୦୦୧	ମିଲ ଫୁଡ ଅଲ୍ଟଙ୍କ ନାମରେ ଥିବା ଜମି ଓ ଘରର ସମସ୍ତ ଅଂଶବିଶେଷ, ମୌଜା: ମଙ୍ଗଳାବାଗ, ଖାତା ନଂ.୫୬୭, ପ୍ଲଟ ନଂ.୧୦୪୭୪୨୭୭, ଥାନା: ଲାଲବାଗ, ଜିଲା: କଟକ।	୧୦.୦୪.୨୦୨୪ / ୩୧.୦୮.୨୦୨୪ / ଟ.୩୦,୮୨,୭୨୬.୩୦	ଟ.୫୮,୫୯,୦୦୦/- / ଟ.୫,୮୫,୯୦୦/- / ଟ.୫୦,୦୦୦/-
୨	ଜେଲ ରୋଡ ଉତ୍କଳ ଶାଖା
ଋଣଗ୍ରହୀତା: ସେକ୍ ସବିର, ପିତା: ସେକ୍ ରହିମ, ଠିକଣା: ଦରଘା ବଜାର, କଟକ-୭୫୩୦୦୧	ସେକ୍ ସବିରଙ୍କ ନାମରେ ଥିବା ଜମି ଓ ଘର, ମୌଜା: ଦରଘା ବଜାର, ଖାତା ନଂ.୩୫୦, ପ୍ଲଟ ନଂ.୧୫୬, ଥାନା: ଦରଘା ବଜାର, ଜିଲା: କଟକ।	୧୦.୦୨.୨୦୨୪ / ୨୦.୦୬.୨୦୨୪ / ଟ.୧୫,୩୩,୮୦୦.୦୦	ଟ.୩୫,୩୩,୦୦୦/- / ଟ.୩,୫୩,୩୦୦/- / ଟ.୫୦,୦୦୦/-
୩	କଟକ ବ୍ୟାଙ୍କମେଣ୍ଟ ଶାଖା
ଋଣଗ୍ରହୀତା: ମେସର୍ସ ଶ୍ରୀ ଅରବିନ୍ଦ ଏଜେନ୍ସି ଏବଂ ମେସର୍ସ ଆରୁଷି ଟ୍ରେଡର୍ସ, ପ୍ରୋପ୍ରାଇଟର: ଅରବିନ୍ଦ ସାହୁ, ପ୍ଲଟ ନଂ.: ୧୩୦, ଅମର ସମ୍ରାଟ, ମଙ୍ଗଳାବାଗ, କଟକ-୭୫୩୦୦୧ / ବନ୍ଧକଦାତା/ଜାମିନ୍‌ଦାର: ଅରବିନ୍ଦ ସାହୁ, ପିତା: ଅଲେଖ ଚନ୍ଦ୍ର ସାହୁ	ଅରବିନ୍ଦ ସାହୁଙ୍କ ନାମରେ ଥିବା ଜମି ଓ ଘର, ମୌଜା: ମଙ୍ଗଳାବାଗ, ଖାତା ନଂ.୨୦୧, ପ୍ଲଟ ନଂ.୧୩୦, ଥାନା: ଲାଲବାଗ, ଜିଲା: କଟକ।	୦୬.୦୯.୨୦୨୩ / ୧୬.୧୨.୨୦୨୩ / ଟ.୪୫,୦୦,୦୦୦.୦୦	ଟ.୪୮,୦୦,୦୦୦/- / ଟ.୪,୮୦,୦୦୦/- / ଟ.୫୦,୦୦୦/-
୧) ମିଲ ଫୁଡ ଅଲ୍ଟ	୨) ସେକ୍ ସବିର	୩) ମେସର୍ସ ଶ୍ରୀ ଅରବିନ୍ଦ ଏଜେନ୍ସି ଏବଂ ମେସର୍ସ ଆରୁଷି ଟ୍ରେଡର୍ସ
ସମ୍ପତ୍ତି ଆଇଡି: IDIB30170661938M	ସମ୍ପତ୍ତି ଆଇଡି: IDIB30138005919S	ସମ୍ପତ୍ତି ଆଇଡି: IDIB30217257302A

ଇ-ନିଲାମ ତାରିଖ ଏବଂ ସମୟ: ୨୯.୦୩.୨୦୨୫ (ଶନିବାର), ପୂର୍ବାହ୍ନ ୧୧.୦୦ ଘଟିକାରୁ ଅପରାହ୍ନ ୫.୦୦ ଘଟିକା
ଅମାନତ ରାଶି ଓ କାଗଜପତ୍ର ଦାଖଲର ଅନ୍ତିମ ତାରିଖ ଏବଂ ସମୟ : ତା.୨୮.୦୩.୨୦୨୫ରିଖ ଅପରାହ୍ନ ୪.୫୫ ଘଟିକା ପର୍ଯ୍ୟନ୍ତ (ଅନଲାଇନରେ)
ସମ୍ପତ୍ତିଗୁଡ଼ିକ ଦେଖିବା ପାଇଁ ତାରିଖ ଏବଂ ସମୟ: ୨୫.୦୩.୨୦୨୫ ପୂର୍ବାହ୍ନ ୧୧.୦୦ ଘଟିକାରୁ ଅପରାହ୍ନ ୪.୦୦ ଘଟିକା
ନିଲାମ ର ସର୍ତ୍ତାବଳୀ : ୧) ବିକ୍ରୟ ସରଫେସି ଆକ୍ଟ ଏବଂ ସରଫେସି ନିୟମାବଳୀରେ ନିର୍ଦ୍ଧାରିତ ସର୍ତ୍ତାବଳୀ ଅନୁଯାୟୀ ହେବ: https://www.ebkray.in/https://www.banknet.com ୱେବସାଇଟରେ ଉପଲବ୍ଧ। ୨) ଇଚ୍ଛୁକ ବିଡରମାନେ ଇ-ନିଲାମ ପୋର୍ଟାଲରେ ପଞ୍ଜୀକରଣ କରି ଅମାନତ ରାଶି ଜମା କରିବେ। ୩) ସମ୍ପତ୍ତି ବିକ୍ରୟ ଯେଉଁଠାରେ ଯେପରି ଅଛି ଭିତ୍ତିରେ ହେବ। ୪) ବ୍ୟାଙ୍କ କୌଣସି କାରଣ ନ ଦର୍ଶାଇ ନିଲାମ ବାତିଲ କରିବାର ଅଧିକାର ରଖେ। ୫) ସଫଳ ବିଡରଙ୍କୁ ବିଡ୍ ରାଶିର ୨୫% ତୁରନ୍ତ ଜମା କରିବାକୁ ହେବ।
ଋଣଗ୍ରହୀତା/ଜାମିନ୍‌ଦାର/ବନ୍ଧକଦାତାମାନଙ୍କ ପାଇଁ ସରଫେସି ଆକ୍ଟ, ୨୦୦୨ର ରୁଲ ୮(୬) ଓ ୯(୧) ଅନୁଯାୟୀ ୧୫ ଦିନିଆ ବିଧିବଦ୍ଧ ବିକ୍ରୟ ନୋଟିସ୍।
ସ୍ଥାନ: କଟକ, ତାରିଖ: ୧୩.୦୩.୨୦୨୫	ସ୍ୱା/- କ୍ଷମତାପ୍ରାପ୍ତ ଅଧିକାରୀ, ଇଣ୍ଡିଆନ୍ ବ୍ୟାଙ୍କ
